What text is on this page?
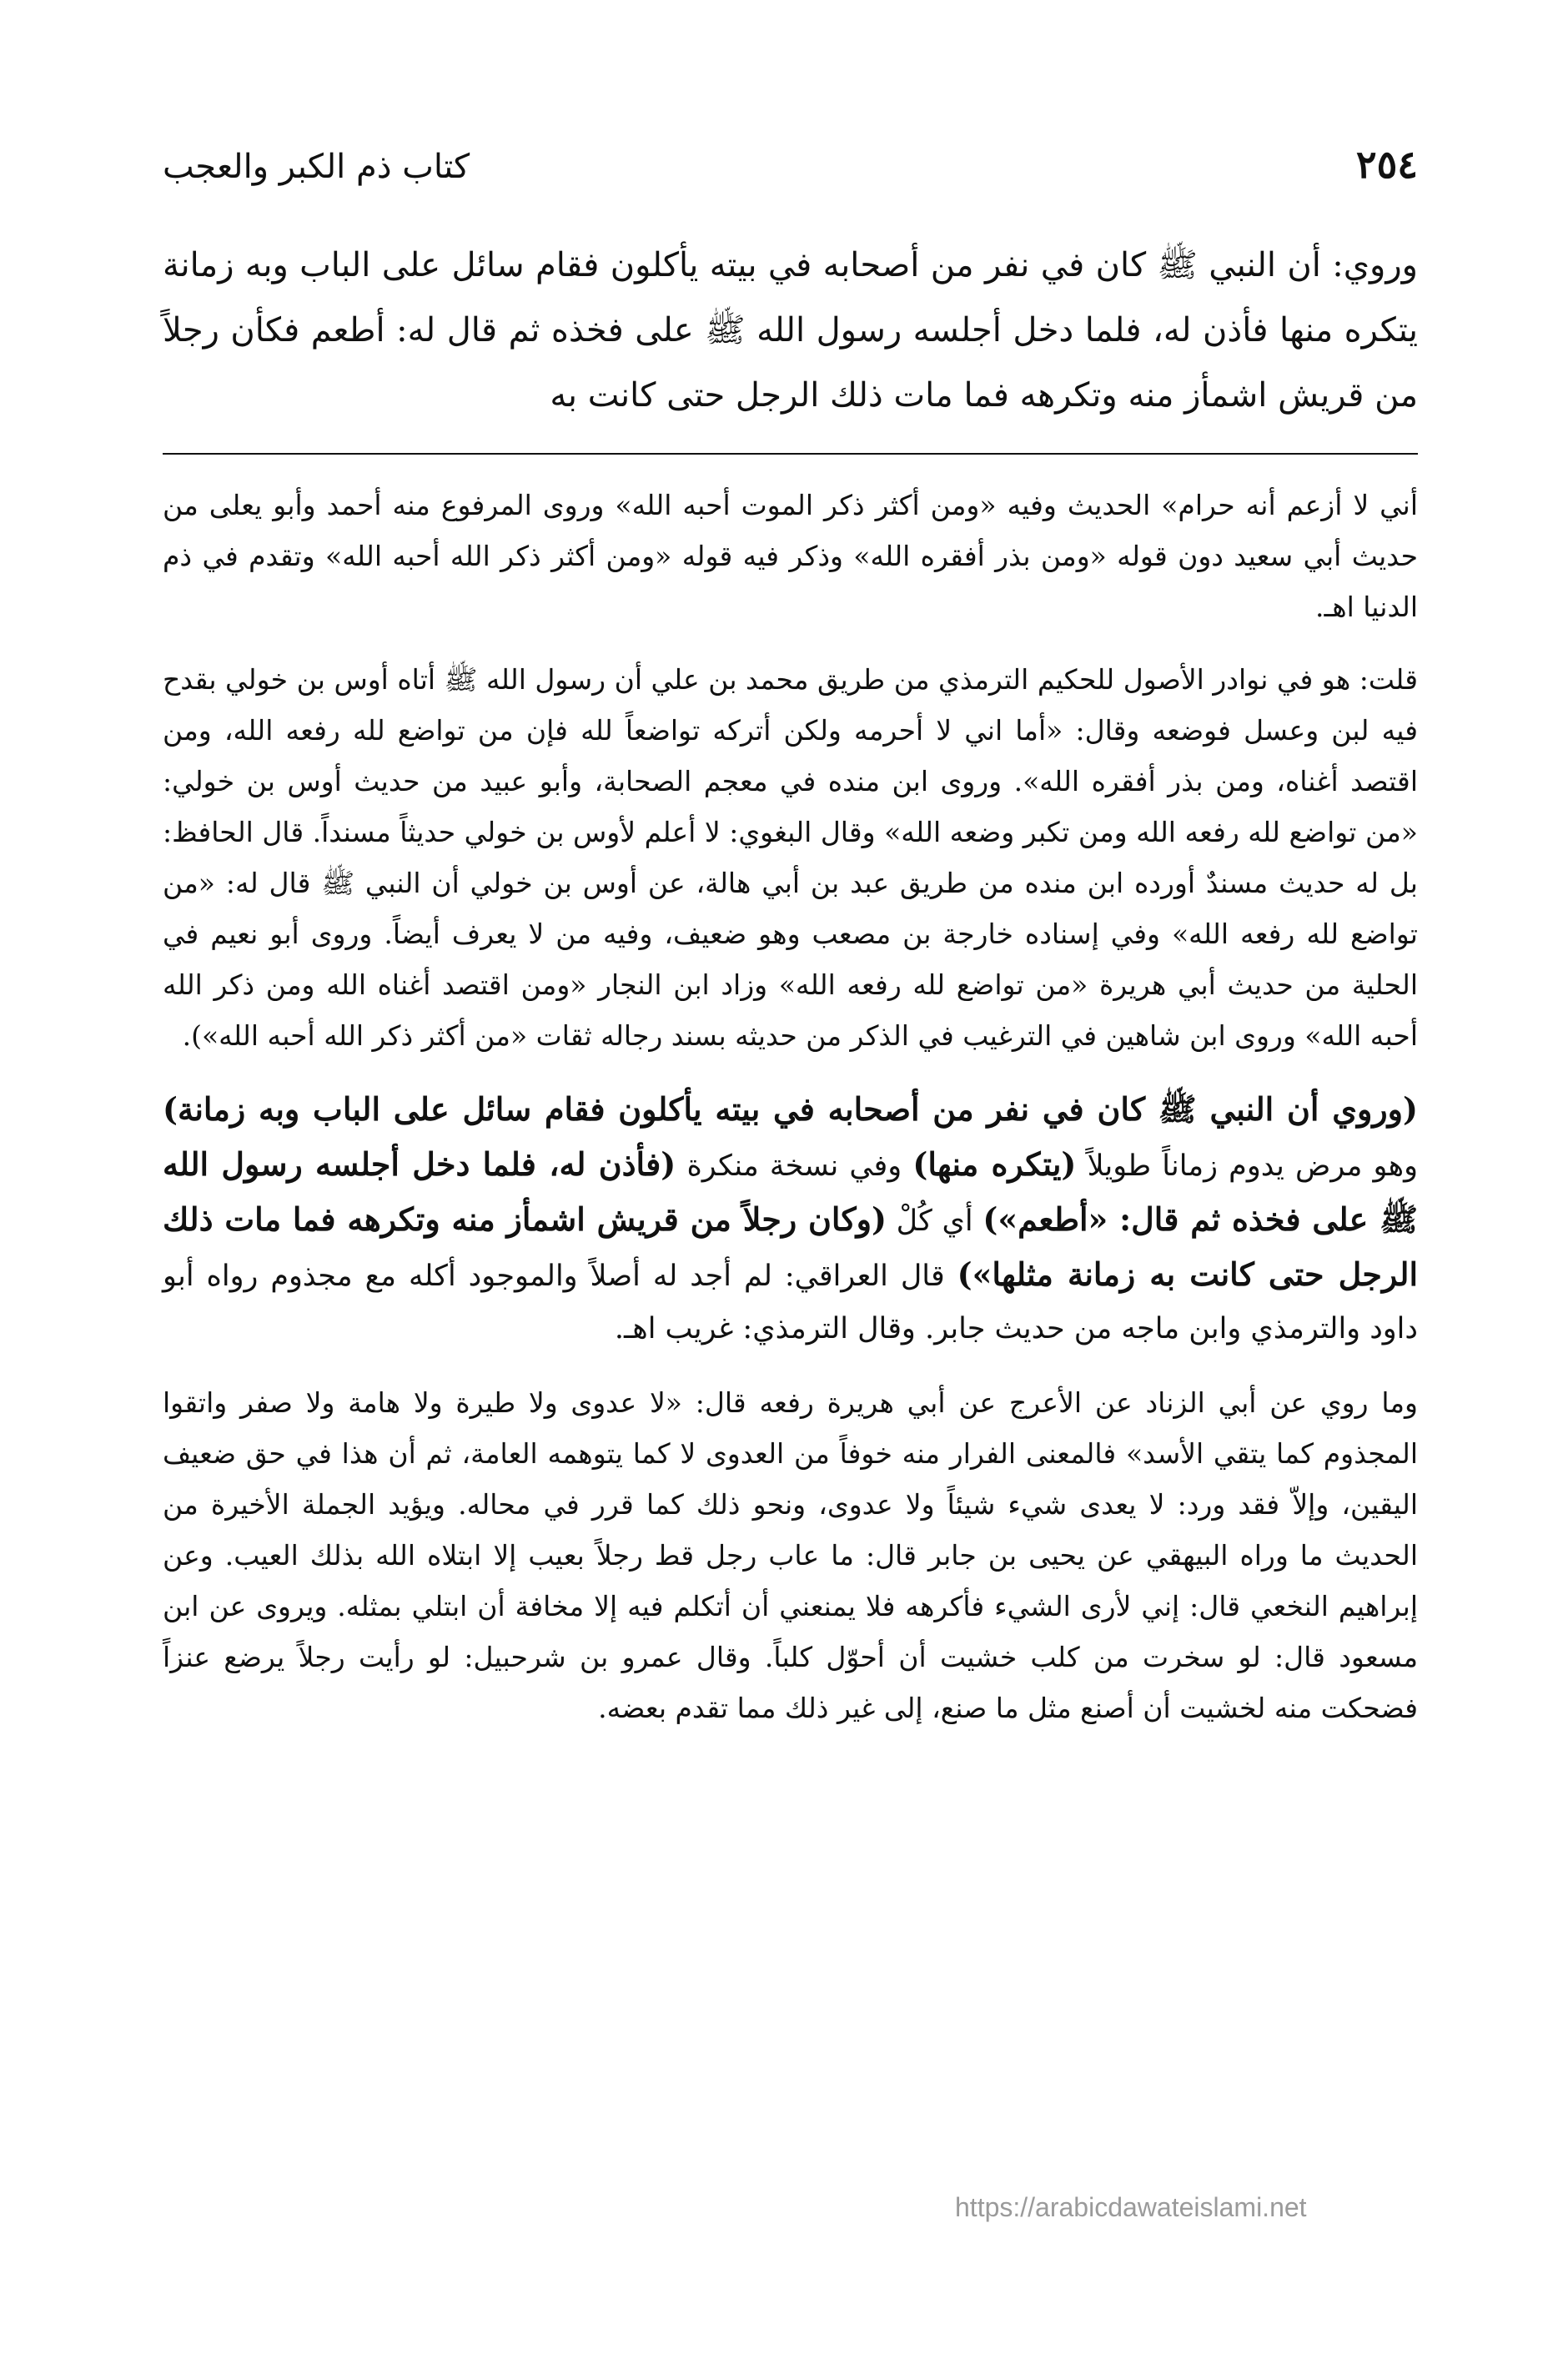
٢٥٤
كتاب ذم الكبر والعجب

وروي: أن النبي ﷺ كان في نفر من أصحابه في بيته يأكلون فقام سائل على الباب وبه زمانة يتكره منها فأذن له، فلما دخل أجلسه رسول الله ﷺ على فخذه ثم قال له: أطعم فكأن رجلاً من قريش اشمأز منه وتكرهه فما مات ذلك الرجل حتى كانت به

أني لا أزعم أنه حرام» الحديث وفيه «ومن أكثر ذكر الموت أحبه الله» وروى المرفوع منه أحمد وأبو يعلى من حديث أبي سعيد دون قوله «ومن بذر أفقره الله» وذكر فيه قوله «ومن أكثر ذكر الله أحبه الله» وتقدم في ذم الدنيا اهـ.

قلت: هو في نوادر الأصول للحكيم الترمذي من طريق محمد بن علي أن رسول الله ﷺ أتاه أوس بن خولي بقدح فيه لبن وعسل فوضعه وقال: «أما اني لا أحرمه ولكن أتركه تواضعاً لله فإن من تواضع لله رفعه الله، ومن اقتصد أغناه، ومن بذر أفقره الله». وروى ابن منده في معجم الصحابة، وأبو عبيد من حديث أوس بن خولي: «من تواضع لله رفعه الله ومن تكبر وضعه الله» وقال البغوي: لا أعلم لأوس بن خولي حديثاً مسنداً. قال الحافظ: بل له حديث مسندٌ أورده ابن منده من طريق عبد بن أبي هالة، عن أوس بن خولي أن النبي ﷺ قال له: «من تواضع لله رفعه الله» وفي إسناده خارجة بن مصعب وهو ضعيف، وفيه من لا يعرف أيضاً. وروى أبو نعيم في الحلية من حديث أبي هريرة «من تواضع لله رفعه الله» وزاد ابن النجار «ومن اقتصد أغناه الله ومن ذكر الله أحبه الله» وروى ابن شاهين في الترغيب في الذكر من حديثه بسند رجاله ثقات «من أكثر ذكر الله أحبه الله»).

(وروي أن النبي ﷺ كان في نفر من أصحابه في بيته يأكلون فقام سائل على الباب وبه زمانة) وهو مرض يدوم زماناً طويلاً (يتكره منها) وفي نسخة منكرة (فأذن له، فلما دخل أجلسه رسول الله ﷺ على فخذه ثم قال: «أطعم») أي كُلْ (وكان رجلاً من قريش اشمأز منه وتكرهه فما مات ذلك الرجل حتى كانت به زمانة مثلها») قال العراقي: لم أجد له أصلاً والموجود أكله مع مجذوم رواه أبو داود والترمذي وابن ماجه من حديث جابر. وقال الترمذي: غريب اهـ.

وما روي عن أبي الزناد عن الأعرج عن أبي هريرة رفعه قال: «لا عدوى ولا طيرة ولا هامة ولا صفر واتقوا المجذوم كما يتقي الأسد» فالمعنى الفرار منه خوفاً من العدوى لا كما يتوهمه العامة، ثم أن هذا في حق ضعيف اليقين، وإلاّ فقد ورد: لا يعدى شيء شيئاً ولا عدوى، ونحو ذلك كما قرر في محاله. ويؤيد الجملة الأخيرة من الحديث ما وراه البيهقي عن يحيى بن جابر قال: ما عاب رجل قط رجلاً بعيب إلا ابتلاه الله بذلك العيب. وعن إبراهيم النخعي قال: إني لأرى الشيء فأكرهه فلا يمنعني أن أتكلم فيه إلا مخافة أن ابتلي بمثله. ويروى عن ابن مسعود قال: لو سخرت من كلب خشيت أن أحوّل كلباً. وقال عمرو بن شرحبيل: لو رأيت رجلاً يرضع عنزاً فضحكت منه لخشيت أن أصنع مثل ما صنع، إلى غير ذلك مما تقدم بعضه.

https://arabicdawateislami.net
